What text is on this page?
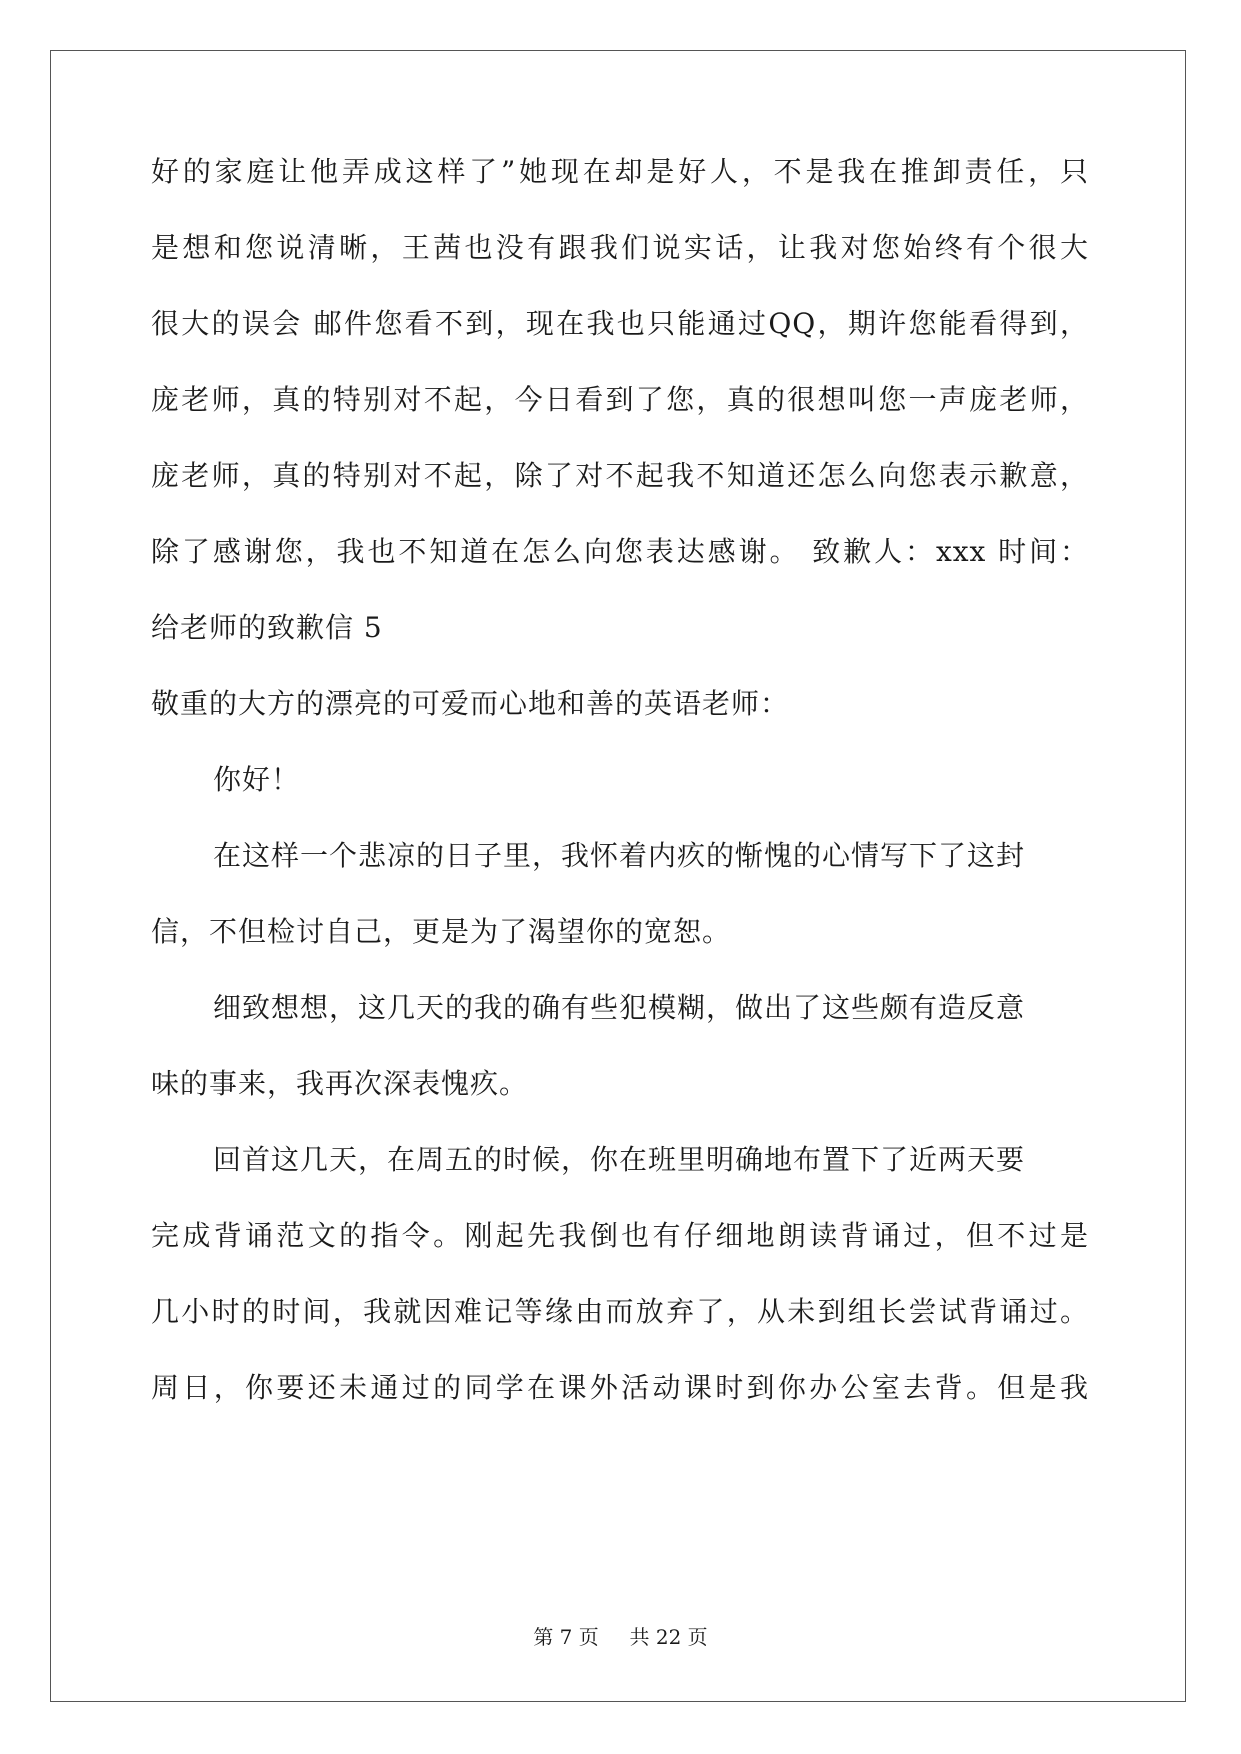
好的家庭让他弄成这样了”她现在却是好人，不是我在推卸责任，只
是想和您说清晰，王茜也没有跟我们说实话，让我对您始终有个很大
很大的误会 邮件您看不到，现在我也只能通过QQ，期许您能看得到，
庞老师，真的特别对不起，今日看到了您，真的很想叫您一声庞老师，
庞老师，真的特别对不起，除了对不起我不知道还怎么向您表示歉意，
除了感谢您，我也不知道在怎么向您表达感谢。 致歉人：xxx 时间：
给老师的致歉信 5
敬重的大方的漂亮的可爱而心地和善的英语老师：
你好！
在这样一个悲凉的日子里，我怀着内疚的惭愧的心情写下了这封
信，不但检讨自己，更是为了渴望你的宽恕。
细致想想，这几天的我的确有些犯模糊，做出了这些颇有造反意
味的事来，我再次深表愧疚。
回首这几天，在周五的时候，你在班里明确地布置下了近两天要
完成背诵范文的指令。刚起先我倒也有仔细地朗读背诵过，但不过是
几小时的时间，我就因难记等缘由而放弃了，从未到组长尝试背诵过。
周日，你要还未通过的同学在课外活动课时到你办公室去背。但是我
第 7 页 共 22 页
